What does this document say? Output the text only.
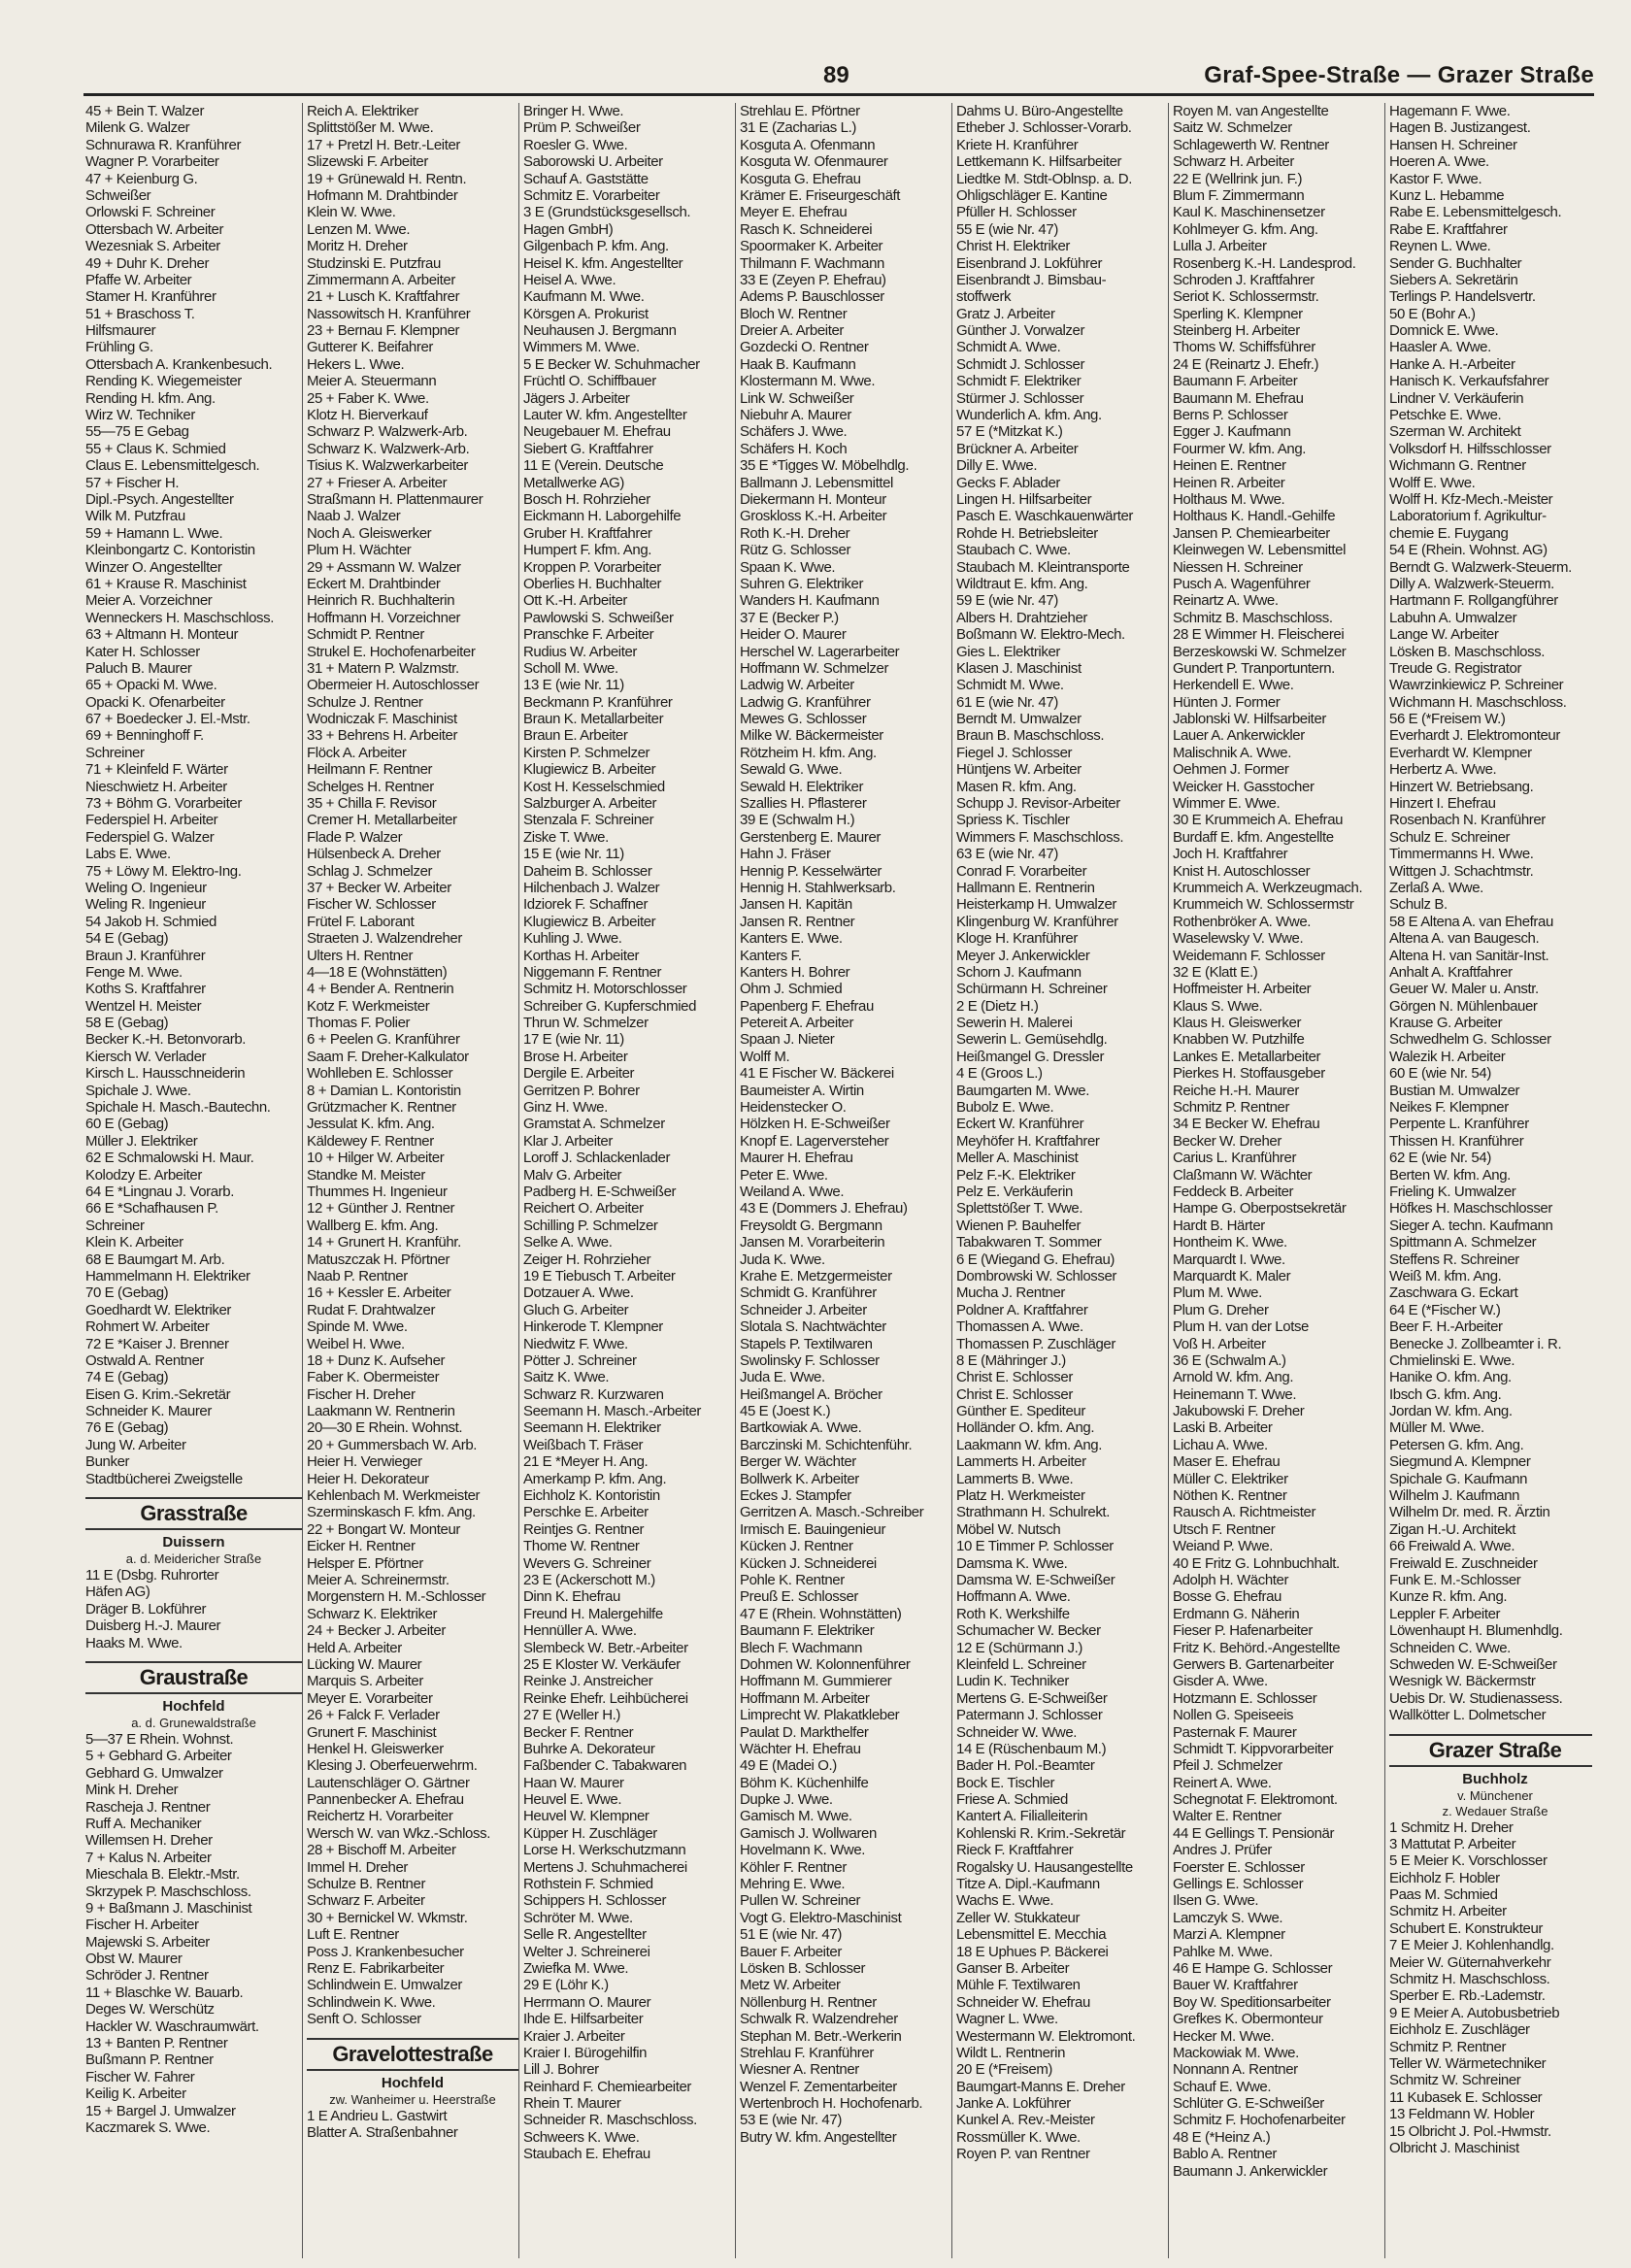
89	Graf-Spee-Straße — Grazer Straße
45 + Bein T. Walzer
Milenk G. Walzer
Schnurawa R. Kranführer
Wagner P. Vorarbeiter
47 + Keienburg G.
Schweißer
Orlowski F. Schreiner
Ottersbach W. Arbeiter
Wezesniak S. Arbeiter
49 + Duhr K. Dreher
Pfaffe W. Arbeiter
Stamer H. Kranführer
51 + Braschoss T.
Hilfsmaurer
Frühling G.
Ottersbach A. Krankenbesuch.
Rending K. Wiegemeister
Rending H. kfm. Ang.
Wirz W. Techniker
55—75 E Gebag
55 + Claus K. Schmied
Claus E. Lebensmittelgesch.
57 + Fischer H.
Dipl.-Psych. Angestellter
Wilk M. Putzfrau
59 + Hamann L. Wwe.
Kleinbongartz C. Kontoristin
Winzer O. Angestellter
61 + Krause R. Maschinist
Meier A. Vorzeichner
Wenneckers H. Maschschloss.
63 + Altmann H. Monteur
Kater H. Schlosser
Paluch B. Maurer
65 + Opacki M. Wwe.
Opacki K. Ofenarbeiter
67 + Boedecker J. El.-Mstr.
69 + Benninghoff F.
Schreiner
71 + Kleinfeld F. Wärter
Nieschwietz H. Arbeiter
73 + Böhm G. Vorarbeiter
Federspiel H. Arbeiter
Federspiel G. Walzer
Labs E. Wwe.
75 + Löwy M. Elektro-Ing.
Weling O. Ingenieur
Weling R. Ingenieur
54 Jakob H. Schmied
54 E (Gebag)
Braun J. Kranführer
Fenge M. Wwe.
Koths S. Kraftfahrer
Wentzel H. Meister
58 E (Gebag)
Becker K.-H. Betonvorarb.
Kiersch W. Verlader
Kirsch L. Hausschneiderin
Spichale J. Wwe.
Spichale H. Masch.-Bautechn.
60 E (Gebag)
Müller J. Elektriker
62 E Schmalowski H. Maur.
Kolodzy E. Arbeiter
64 E *Lingnau J. Vorarb.
66 E *Schafhausen P.
Schreiner
Klein K. Arbeiter
68 E Baumgart M. Arb.
Hammelmann H. Elektriker
70 E (Gebag)
Goedhardt W. Elektriker
Rohmert W. Arbeiter
72 E *Kaiser J. Brenner
Ostwald A. Rentner
74 E (Gebag)
Eisen G. Krim.-Sekretär
Schneider K. Maurer
76 E (Gebag)
Jung W. Arbeiter
Bunker
Stadtbücherei Zweigstelle
Grasstraße
Duissern
a. d. Meidericher Straße
11 E (Dsbg. Ruhrorter
Häfen AG)
Dräger B. Lokführer
Duisberg H.-J. Maurer
Haaks M. Wwe.
Graustraße
Hochfeld
a. d. Grunewaldstraße
5—37 E Rhein. Wohnst.
5 + Gebhard G. Arbeiter
Gebhard G. Umwalzer
Mink H. Dreher
Rascheja J. Rentner
Ruff A. Mechaniker
Willemsen H. Dreher
7 + Kalus N. Arbeiter
Mieschala B. Elektr.-Mstr.
Skrzypek P. Maschschloss.
9 + Baßmann J. Maschinist
Fischer H. Arbeiter
Majewski S. Arbeiter
Obst W. Maurer
Schröder J. Rentner
11 + Blaschke W. Bauarb.
Deges W. Werschütz
Hackler W. Waschraumwärt.
13 + Banten P. Rentner
Bußmann P. Rentner
Fischer W. Fahrer
Keilig K. Arbeiter
15 + Bargel J. Umwalzer
Kaczmarek S. Wwe.
Reich A. Elektriker
Splittstößer M. Wwe.
17 + Pretzl H. Betr.-Leiter
Slizewski F. Arbeiter
19 + Grünewald H. Rentn.
Hofmann M. Drahtbinder
Klein W. Wwe.
Lenzen M. Wwe.
Moritz H. Dreher
Studzinski E. Putzfrau
Zimmermann A. Arbeiter
21 + Lusch K. Kraftfahrer
Nassowitsch H. Kranführer
23 + Bernau F. Klempner
Gutterer K. Beifahrer
Hekers L. Wwe.
Meier A. Steuermann
25 + Faber K. Wwe.
Klotz H. Bierverkauf
Schwarz P. Walzwerk-Arb.
Schwarz K. Walzwerk-Arb.
Tisius K. Walzwerkarbeiter
27 + Frieser A. Arbeiter
Straßmann H. Plattenmaurer
Naab J. Walzer
Noch A. Gleiswerker
Plum H. Wächter
29 + Assmann W. Walzer
Eckert M. Drahtbinder
Heinrich R. Buchhalterin
Hoffmann H. Vorzeichner
Schmidt P. Rentner
Strukel E. Hochofenarbeiter
31 + Matern P. Walzmstr.
Obermeier H. Autoschlosser
Schulze J. Rentner
Wodniczak F. Maschinist
33 + Behrens H. Arbeiter
Flöck A. Arbeiter
Heilmann F. Rentner
Schelges H. Rentner
35 + Chilla F. Revisor
Cremer H. Metallarbeiter
Flade P. Walzer
Hülsenbeck A. Dreher
Schlag J. Schmelzer
37 + Becker W. Arbeiter
Fischer W. Schlosser
Frütel F. Laborant
Straeten J. Walzendreher
Ulters H. Rentner
4—18 E (Wohnstätten)
4 + Bender A. Rentnerin
Kotz F. Werkmeister
Thomas F. Polier
6 + Peelen G. Kranführer
Saam F. Dreher-Kalkulator
Wohlleben E. Schlosser
8 + Damian L. Kontoristin
Grützmacher K. Rentner
Jessulat K. kfm. Ang.
Käldewey F. Rentner
10 + Hilger W. Arbeiter
Standke M. Meister
Thummes H. Ingenieur
12 + Günther J. Rentner
Wallberg E. kfm. Ang.
14 + Grunert H. Kranführ.
Matuszczak H. Pförtner
Naab P. Rentner
16 + Kessler E. Arbeiter
Rudat F. Drahtwalzer
Spinde M. Wwe.
Weibel H. Wwe.
18 + Dunz K. Aufseher
Faber K. Obermeister
Fischer H. Dreher
Laakmann W. Rentnerin
20—30 E Rhein. Wohnst.
20 + Gummersbach W. Arb.
Heier H. Verwieger
Heier H. Dekorateur
Kehlenbach M. Werkmeister
Szerminskasch F. kfm. Ang.
22 + Bongart W. Monteur
Eicker H. Rentner
Helsper E. Pförtner
Meier A. Schreinermstr.
Morgenstern H. M.-Schlosser
Schwarz K. Elektriker
24 + Becker J. Arbeiter
Held A. Arbeiter
Lücking W. Maurer
Marquis S. Arbeiter
Meyer E. Vorarbeiter
26 + Falck F. Verlader
Grunert F. Maschinist
Henkel H. Gleiswerker
Klesing J. Oberfeuerwehrm.
Lautenschläger O. Gärtner
Pannenbecker A. Ehefrau
Reichertz H. Vorarbeiter
Wersch W. van Wkz.-Schloss.
28 + Bischoff M. Arbeiter
Immel H. Dreher
Schulze B. Rentner
Schwarz F. Arbeiter
30 + Bernickel W. Wkmstr.
Luft E. Rentner
Poss J. Krankenbesucher
Renz E. Fabrikarbeiter
Schlindwein E. Umwalzer
Schlindwein K. Wwe.
Senft O. Schlosser
Gravelottestraße
Hochfeld
zw. Wanheimer u. Heerstraße
1 E Andrieu L. Gastwirt
Blatter A. Straßenbahner
Bringer H. Wwe.
Prüm P. Schweißer
Roesler G. Wwe.
Saborowski U. Arbeiter
Schauf A. Gaststätte
Schmitz E. Vorarbeiter
3 E (Grundstücksgesellsch.
Hagen GmbH)
Gilgenbach P. kfm. Ang.
Heisel K. kfm. Angestellter
Heisel A. Wwe.
Kaufmann M. Wwe.
Körsgen A. Prokurist
Neuhausen J. Bergmann
Wimmers M. Wwe.
5 E Becker W. Schuhmacher
Früchtl O. Schiffbauer
Jägers J. Arbeiter
Lauter W. kfm. Angestellter
Neugebauer M. Ehefrau
Siebert G. Kraftfahrer
11 E (Verein. Deutsche
Metallwerke AG)
Bosch H. Rohrzieher
Eickmann H. Laborgehilfe
Gruber H. Kraftfahrer
Humpert F. kfm. Ang.
Kroppen P. Vorarbeiter
Oberlies H. Buchhalter
Ott K.-H. Arbeiter
Pawlowski S. Schweißer
Pranschke F. Arbeiter
Rudius W. Arbeiter
Scholl M. Wwe.
13 E (wie Nr. 11)
Beckmann P. Kranführer
Braun K. Metallarbeiter
Braun E. Arbeiter
Kirsten P. Schmelzer
Klugiewicz B. Arbeiter
Kost H. Kesselschmied
Salzburger A. Arbeiter
Stenzala F. Schreiner
Ziske T. Wwe.
15 E (wie Nr. 11)
Daheim B. Schlosser
Hilchenbach J. Walzer
Idziorek F. Schaffner
Klugiewicz B. Arbeiter
Kuhling J. Wwe.
Korthas H. Arbeiter
Niggemann F. Rentner
Schmitz H. Motorschlosser
Schreiber G. Kupferschmied
Thrun W. Schmelzer
17 E (wie Nr. 11)
Brose H. Arbeiter
Dergile E. Arbeiter
Gerritzen P. Bohrer
Ginz H. Wwe.
Gramstat A. Schmelzer
Klar J. Arbeiter
Loroff J. Schlackenlader
Malv G. Arbeiter
Padberg H. E-Schweißer
Reichert O. Arbeiter
Schilling P. Schmelzer
Selke A. Wwe.
Zeiger H. Rohrzieher
19 E Tiebusch T. Arbeiter
Dotzauer A. Wwe.
Gluch G. Arbeiter
Hinkerode T. Klempner
Niedwitz F. Wwe.
Pötter J. Schreiner
Saitz K. Wwe.
Schwarz R. Kurzwaren
Seemann H. Masch.-Arbeiter
Seemann H. Elektriker
Weißbach T. Fräser
21 E *Meyer H. Ang.
Amerkamp P. kfm. Ang.
Eichholz K. Kontoristin
Perschke E. Arbeiter
Reintjes G. Rentner
Thome W. Rentner
Wevers G. Schreiner
23 E (Ackerschott M.)
Dinn K. Ehefrau
Freund H. Malergehilfe
Hennüller A. Wwe.
Slembeck W. Betr.-Arbeiter
25 E Kloster W. Verkäufer
Reinke J. Anstreicher
Reinke Ehefr. Leihbücherei
27 E (Weller H.)
Becker F. Rentner
Buhrke A. Dekorateur
Faßbender C. Tabakwaren
Haan W. Maurer
Heuvel E. Wwe.
Heuvel W. Klempner
Küpper H. Zuschläger
Lorse H. Werkschutzmann
Mertens J. Schuhmacherei
Rothstein F. Schmied
Schippers H. Schlosser
Schröter M. Wwe.
Selle R. Angestellter
Welter J. Schreinerei
Zwiefka M. Wwe.
29 E (Löhr K.)
Herrmann O. Maurer
Ihde E. Hilfsarbeiter
Kraier J. Arbeiter
Kraier I. Bürogehilfin
Lill J. Bohrer
Reinhard F. Chemiearbeiter
Rhein T. Maurer
Schneider R. Maschschloss.
Schweers K. Wwe.
Staubach E. Ehefrau
Strehlau E. Pförtner
31 E (Zacharias L.)
Kosguta A. Ofenmann
Kosguta W. Ofenmaurer
Kosguta G. Ehefrau
Krämer E. Friseurgeschäft
Meyer E. Ehefrau
Rasch K. Schneiderei
Spoormaker K. Arbeiter
Thilmann F. Wachmann
33 E (Zeyen P. Ehefrau)
Adems P. Bauschlosser
Bloch W. Rentner
Dreier A. Arbeiter
Gozdecki O. Rentner
Haak B. Kaufmann
Klostermann M. Wwe.
Link W. Schweißer
Niebuhr A. Maurer
Schäfers J. Wwe.
Schäfers H. Koch
35 E *Tigges W. Möbelhdlg.
Ballmann J. Lebensmittel
Diekermann H. Monteur
Groskloss K.-H. Arbeiter
Roth K.-H. Dreher
Rütz G. Schlosser
Spaan K. Wwe.
Suhren G. Elektriker
Wanders H. Kaufmann
37 E (Becker P.)
Heider O. Maurer
Herschel W. Lagerarbeiter
Hoffmann W. Schmelzer
Ladwig W. Arbeiter
Ladwig G. Kranführer
Mewes G. Schlosser
Milke W. Bäckermeister
Rötzheim H. kfm. Ang.
Sewald G. Wwe.
Sewald H. Elektriker
Szallies H. Pflasterer
39 E (Schwalm H.)
Gerstenberg E. Maurer
Hahn J. Fräser
Hennig P. Kesselwärter
Hennig H. Stahlwerksarb.
Jansen H. Kapitän
Jansen R. Rentner
Kanters E. Wwe.
Kanters F.
Kanters H. Bohrer
Ohm J. Schmied
Papenberg F. Ehefrau
Petereit A. Arbeiter
Spaan J. Nieter
Wolff M.
41 E Fischer W. Bäckerei
Baumeister A. Wirtin
Heidenstecker O.
Hölzken H. E-Schweißer
Knopf E. Lagerversteher
Maurer H. Ehefrau
Peter E. Wwe.
Weiland A. Wwe.
43 E (Dommers J. Ehefrau)
Freysoldt G. Bergmann
Jansen M. Vorarbeiterin
Juda K. Wwe.
Krahe E. Metzgermeister
Schmidt G. Kranführer
Schneider J. Arbeiter
Slotala S. Nachtwächter
Stapels P. Textilwaren
Swolinsky F. Schlosser
Juda E. Wwe.
Heißmangel A. Bröcher
45 E (Joest K.)
Bartkowiak A. Wwe.
Barczinski M. Schichtenführ.
Berger W. Wächter
Bollwerk K. Arbeiter
Eckes J. Stampfer
Gerritzen A. Masch.-Schreiber
Irmisch E. Bauingenieur
Kücken J. Rentner
Kücken J. Schneiderei
Pohle K. Rentner
Preuß E. Schlosser
47 E (Rhein. Wohnstätten)
Baumann F. Elektriker
Blech F. Wachmann
Dohmen W. Kolonnenführer
Hoffmann M. Gummierer
Hoffmann M. Arbeiter
Limprecht W. Plakatkleber
Paulat D. Markthelfer
Wächter H. Ehefrau
49 E (Madei O.)
Böhm K. Küchenhilfe
Dupke J. Wwe.
Gamisch M. Wwe.
Gamisch J. Wollwaren
Hovelmann K. Wwe.
Köhler F. Rentner
Mehring E. Wwe.
Pullen W. Schreiner
Vogt G. Elektro-Maschinist
51 E (wie Nr. 47)
Bauer F. Arbeiter
Lösken B. Schlosser
Metz W. Arbeiter
Nöllenburg H. Rentner
Schwalk R. Walzendreher
Stephan M. Betr.-Werkerin
Strehlau F. Kranführer
Wiesner A. Rentner
Wenzel F. Zementarbeiter
Wertenbroch H. Hochofenarb.
53 E (wie Nr. 47)
Butry W. kfm. Angestellter
Dahms U. Büro-Angestellte
Etheber J. Schlosser-Vorarb.
Kriete H. Kranführer
Lettkemann K. Hilfsarbeiter
Liedtke M. Stdt-Oblnsp. a. D.
Ohligschläger E. Kantine
Pfüller H. Schlosser
55 E (wie Nr. 47)
Christ H. Elektriker
Eisenbrand J. Lokführer
Eisenbrandt J. Bimsbau-
stoffwerk
Gratz J. Arbeiter
Günther J. Vorwalzer
Schmidt A. Wwe.
Schmidt J. Schlosser
Schmidt F. Elektriker
Stürmer J. Schlosser
Wunderlich A. kfm. Ang.
57 E (*Mitzkat K.)
Brückner A. Arbeiter
Dilly E. Wwe.
Gecks F. Ablader
Lingen H. Hilfsarbeiter
Pasch E. Waschkauenwärter
Rohde H. Betriebsleiter
Staubach C. Wwe.
Staubach M. Kleintransporte
Wildtraut E. kfm. Ang.
59 E (wie Nr. 47)
Albers H. Drahtzieher
Boßmann W. Elektro-Mech.
Gies L. Elektriker
Klasen J. Maschinist
Schmidt M. Wwe.
61 E (wie Nr. 47)
Berndt M. Umwalzer
Braun B. Maschschloss.
Fiegel J. Schlosser
Hüntjens W. Arbeiter
Masen R. kfm. Ang.
Schupp J. Revisor-Arbeiter
Spriess K. Tischler
Wimmers F. Maschschloss.
63 E (wie Nr. 47)
Conrad F. Vorarbeiter
Hallmann E. Rentnerin
Heisterkamp H. Umwalzer
Klingenburg W. Kranführer
Kloge H. Kranführer
Meyer J. Ankerwickler
Schorn J. Kaufmann
Schürmann H. Schreiner
2 E (Dietz H.)
Sewerin H. Malerei
Sewerin L. Gemüsehdlg.
Heißmangel G. Dressler
4 E (Groos L.)
Baumgarten M. Wwe.
Bubolz E. Wwe.
Eckert W. Kranführer
Meyhöfer H. Kraftfahrer
Meller A. Maschinist
Pelz F.-K. Elektriker
Pelz E. Verkäuferin
Splettstößer T. Wwe.
Wienen P. Bauhelfer
Tabakwaren T. Sommer
6 E (Wiegand G. Ehefrau)
Dombrowski W. Schlosser
Mucha J. Rentner
Poldner A. Kraftfahrer
Thomassen A. Wwe.
Thomassen P. Zuschläger
8 E (Mähringer J.)
Christ E. Schlosser
Christ E. Schlosser
Günther E. Spediteur
Holländer O. kfm. Ang.
Laakmann W. kfm. Ang.
Lammerts H. Arbeiter
Lammerts B. Wwe.
Platz H. Werkmeister
Strathmann H. Schulrekt.
Möbel W. Nutsch
10 E Timmer P. Schlosser
Damsma K. Wwe.
Damsma W. E-Schweißer
Hoffmann A. Wwe.
Roth K. Werkshilfe
Schumacher W. Becker
12 E (Schürmann J.)
Kleinfeld L. Schreiner
Ludin K. Techniker
Mertens G. E-Schweißer
Patermann J. Schlosser
Schneider W. Wwe.
14 E (Rüschenbaum M.)
Bader H. Pol.-Beamter
Bock E. Tischler
Friese A. Schmied
Kantert A. Filialleiterin
Kohlenski R. Krim.-Sekretär
Rieck F. Kraftfahrer
Rogalsky U. Hausangestellte
Titze A. Dipl.-Kaufmann
Wachs E. Wwe.
Zeller W. Stukkateur
Lebensmittel E. Mecchia
18 E Uphues P. Bäckerei
Ganser B. Arbeiter
Mühle F. Textilwaren
Schneider W. Ehefrau
Wagner L. Wwe.
Westermann W. Elektromont.
Wildt L. Rentnerin
20 E (*Freisem)
Baumgart-Manns E. Dreher
Janke A. Lokführer
Kunkel A. Rev.-Meister
Rossmüller K. Wwe.
Royen P. van Rentner
Royen M. van Angestellte
Saitz W. Schmelzer
Schlagewerth W. Rentner
Schwarz H. Arbeiter
22 E (Wellrink jun. F.)
Blum F. Zimmermann
Kaul K. Maschinensetzer
Kohlmeyer G. kfm. Ang.
Lulla J. Arbeiter
Rosenberg K.-H. Landesprod.
Schroden J. Kraftfahrer
Seriot K. Schlossermstr.
Sperling K. Klempner
Steinberg H. Arbeiter
Thoms W. Schiffsführer
24 E (Reinartz J. Ehefr.)
Baumann F. Arbeiter
Baumann M. Ehefrau
Berns P. Schlosser
Egger J. Kaufmann
Fourmer W. kfm. Ang.
Heinen E. Rentner
Heinen R. Arbeiter
Holthaus M. Wwe.
Holthaus K. Handl.-Gehilfe
Jansen P. Chemiearbeiter
Kleinwegen W. Lebensmittel
Niessen H. Schreiner
Pusch A. Wagenführer
Reinartz A. Wwe.
Schmitz B. Maschschloss.
28 E Wimmer H. Fleischerei
Berzeskowski W. Schmelzer
Gundert P. Tranportuntern.
Herkendell E. Wwe.
Hünten J. Former
Jablonski W. Hilfsarbeiter
Lauer A. Ankerwickler
Malischnik A. Wwe.
Oehmen J. Former
Weicker H. Gasstocher
Wimmer E. Wwe.
30 E Krummeich A. Ehefrau
Burdaff E. kfm. Angestellte
Joch H. Kraftfahrer
Knist H. Autoschlosser
Krummeich A. Werkzeugmach.
Krummeich W. Schlossermstr
Rothenbröker A. Wwe.
Waselewsky V. Wwe.
Weidemann F. Schlosser
32 E (Klatt E.)
Hoffmeister H. Arbeiter
Klaus S. Wwe.
Klaus H. Gleiswerker
Knabben W. Putzhilfe
Lankes E. Metallarbeiter
Pierkes H. Stoffausgeber
Reiche H.-H. Maurer
Schmitz P. Rentner
34 E Becker W. Ehefrau
Becker W. Dreher
Carius L. Kranführer
Claßmann W. Wächter
Feddeck B. Arbeiter
Hampe G. Oberpostsekretär
Hardt B. Härter
Hontheim K. Wwe.
Marquardt I. Wwe.
Marquardt K. Maler
Plum M. Wwe.
Plum G. Dreher
Plum H. van der Lotse
Voß H. Arbeiter
36 E (Schwalm A.)
Arnold W. kfm. Ang.
Heinemann T. Wwe.
Jakubowski F. Dreher
Laski B. Arbeiter
Lichau A. Wwe.
Maser E. Ehefrau
Müller C. Elektriker
Nöthen K. Rentner
Rausch A. Richtmeister
Utsch F. Rentner
Weiand P. Wwe.
40 E Fritz G. Lohnbuchhalt.
Adolph H. Wächter
Bosse G. Ehefrau
Erdmann G. Näherin
Fieser P. Hafenarbeiter
Fritz K. Behörd.-Angestellte
Gerwers B. Gartenarbeiter
Gisder A. Wwe.
Hotzmann E. Schlosser
Nollen G. Speiseeis
Pasternak F. Maurer
Schmidt T. Kippvorarbeiter
Pfeil J. Schmelzer
Reinert A. Wwe.
Schegnotat F. Elektromont.
Walter E. Rentner
44 E Gellings T. Pensionär
Andres J. Prüfer
Foerster E. Schlosser
Gellings E. Schlosser
Ilsen G. Wwe.
Lamczyk S. Wwe.
Marzi A. Klempner
Pahlke M. Wwe.
46 E Hampe G. Schlosser
Bauer W. Kraftfahrer
Boy W. Speditionsarbeiter
Grefkes K. Obermonteur
Hecker M. Wwe.
Mackowiak M. Wwe.
Nonnann A. Rentner
Schauf E. Wwe.
Schlüter G. E-Schweißer
Schmitz F. Hochofenarbeiter
48 E (*Heinz A.)
Bablo A. Rentner
Baumann J. Ankerwickler
Hagemann F. Wwe.
Hagen B. Justizangest.
Hansen H. Schreiner
Hoeren A. Wwe.
Kastor F. Wwe.
Kunz L. Hebamme
Rabe E. Lebensmittelgesch.
Rabe E. Kraftfahrer
Reynen L. Wwe.
Sender G. Buchhalter
Siebers A. Sekretärin
Terlings P. Handelsvertr.
50 E (Bohr A.)
Domnick E. Wwe.
Haasler A. Wwe.
Hanke A. H.-Arbeiter
Hanisch K. Verkaufsfahrer
Lindner V. Verkäuferin
Petschke E. Wwe.
Szerman W. Architekt
Volksdorf H. Hilfsschlosser
Wichmann G. Rentner
Wolff E. Wwe.
Wolff H. Kfz-Mech.-Meister
Laboratorium f. Agrikultur-
chemie E. Fuygang
54 E (Rhein. Wohnst. AG)
Berndt G. Walzwerk-Steuerm.
Dilly A. Walzwerk-Steuerm.
Hartmann F. Rollgangführer
Labuhn A. Umwalzer
Lange W. Arbeiter
Lösken B. Maschschloss.
Treude G. Registrator
Wawrzinkiewicz P. Schreiner
Wichmann H. Maschschloss.
56 E (*Freisem W.)
Everhardt J. Elektromonteur
Everhardt W. Klempner
Herbertz A. Wwe.
Hinzert W. Betriebsang.
Hinzert I. Ehefrau
Rosenbach N. Kranführer
Schulz E. Schreiner
Timmermanns H. Wwe.
Wittgen J. Schachtmstr.
Zerlaß A. Wwe.
Schulz B.
58 E Altena A. van Ehefrau
Altena A. van Baugesch.
Altena H. van Sanitär-Inst.
Anhalt A. Kraftfahrer
Geuer W. Maler u. Anstr.
Görgen N. Mühlenbauer
Krause G. Arbeiter
Schwedhelm G. Schlosser
Walezik H. Arbeiter
60 E (wie Nr. 54)
Bustian M. Umwalzer
Neikes F. Klempner
Perpente L. Kranführer
Thissen H. Kranführer
62 E (wie Nr. 54)
Berten W. kfm. Ang.
Frieling K. Umwalzer
Höfkes H. Maschschlosser
Sieger A. techn. Kaufmann
Spittmann A. Schmelzer
Steffens R. Schreiner
Weiß M. kfm. Ang.
Zaschwara G. Eckart
64 E (*Fischer W.)
Beer F. H.-Arbeiter
Benecke J. Zollbeamter i. R.
Chmielinski E. Wwe.
Hanike O. kfm. Ang.
Ibsch G. kfm. Ang.
Jordan W. kfm. Ang.
Müller M. Wwe.
Petersen G. kfm. Ang.
Siegmund A. Klempner
Spichale G. Kaufmann
Wilhelm J. Kaufmann
Wilhelm Dr. med. R. Ärztin
Zigan H.-U. Architekt
66 Freiwald A. Wwe.
Freiwald E. Zuschneider
Funk E. M.-Schlosser
Kunze R. kfm. Ang.
Leppler F. Arbeiter
Löwenhaupt H. Blumenhdlg.
Schneiden C. Wwe.
Schweden W. E-Schweißer
Wesnigk W. Bäckermstr
Uebis Dr. W. Studienassess.
Wallkötter L. Dolmetscher
Grazer Straße
Buchholz
v. Münchener
z. Wedauer Straße
1 Schmitz H. Dreher
3 Mattutat P. Arbeiter
5 E Meier K. Vorschlosser
Eichholz F. Hobler
Paas M. Schmied
Schmitz H. Arbeiter
Schubert E. Konstrukteur
7 E Meier J. Kohlenhandlg.
Meier W. Güternahverkehr
Schmitz H. Maschschloss.
Sperber E. Rb.-Lademstr.
9 E Meier A. Autobusbetrieb
Eichholz E. Zuschläger
Schmitz P. Rentner
Teller W. Wärmetechniker
Schmitz W. Schreiner
11 Kubasek E. Schlosser
13 Feldmann W. Hobler
15 Olbricht J. Pol.-Hwmstr.
Olbricht J. Maschinist
